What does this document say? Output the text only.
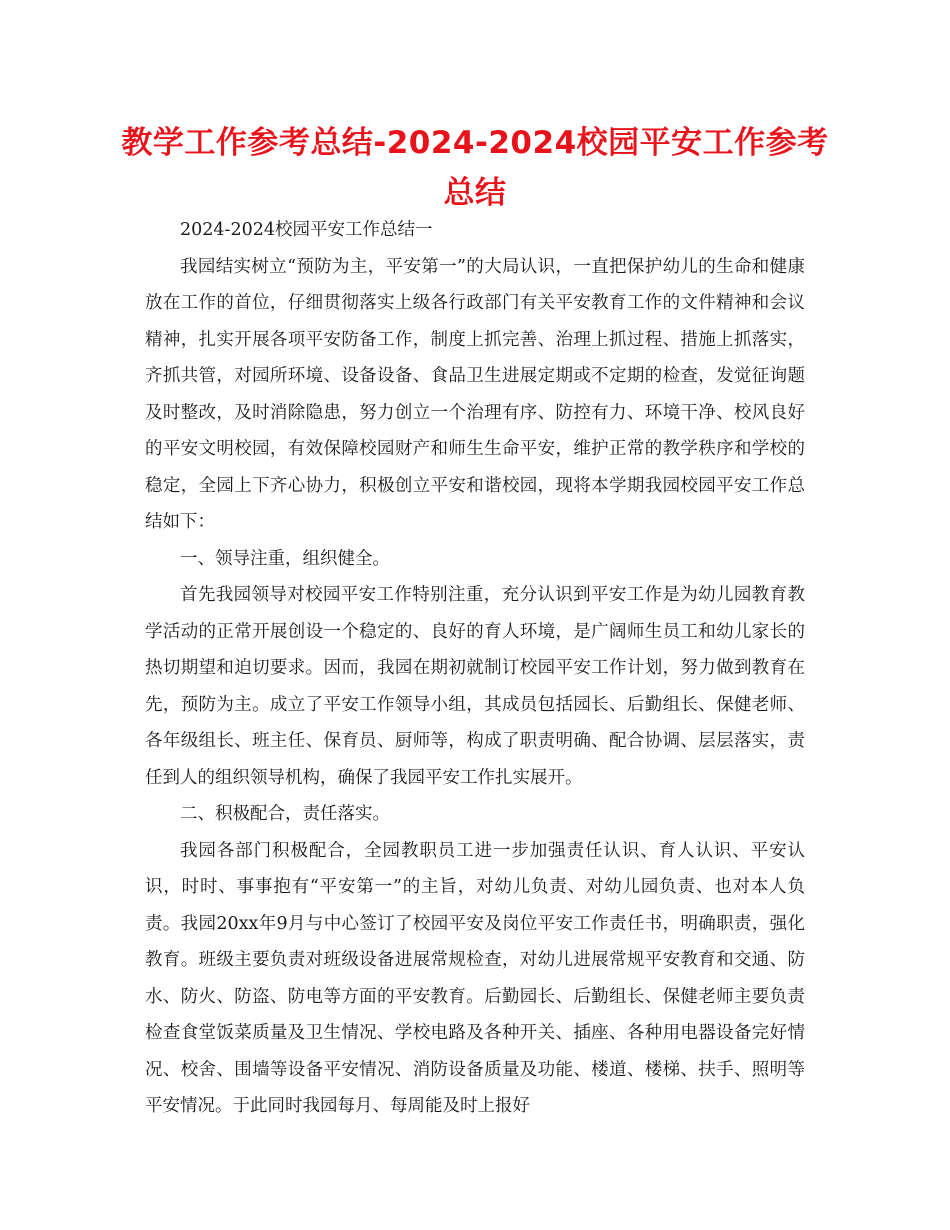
教学工作参考总结-2024-2024校园平安工作参考总结

2024-2024校园平安工作总结一

我园结实树立“预防为主，平安第一”的大局认识，一直把保护幼儿的生命和健康放在工作的首位，仔细贯彻落实上级各行政部门有关平安教育工作的文件精神和会议精神，扎实开展各项平安防备工作，制度上抓完善、治理上抓过程、措施上抓落实，齐抓共管，对园所环境、设备设备、食品卫生进展定期或不定期的检查，发觉征询题及时整改，及时消除隐患，努力创立一个治理有序、防控有力、环境干净、校风良好的平安文明校园，有效保障校园财产和师生生命平安，维护正常的教学秩序和学校的稳定，全园上下齐心协力，积极创立平安和谐校园，现将本学期我园校园平安工作总结如下：

一、领导注重，组织健全。

首先我园领导对校园平安工作特别注重，充分认识到平安工作是为幼儿园教育教学活动的正常开展创设一个稳定的、良好的育人环境，是广阔师生员工和幼儿家长的热切期望和迫切要求。因而，我园在期初就制订校园平安工作计划，努力做到教育在先，预防为主。成立了平安工作领导小组，其成员包括园长、后勤组长、保健老师、各年级组长、班主任、保育员、厨师等，构成了职责明确、配合协调、层层落实，责任到人的组织领导机构，确保了我园平安工作扎实展开。

二、积极配合，责任落实。

我园各部门积极配合，全园教职员工进一步加强责任认识、育人认识、平安认识，时时、事事抱有“平安第一”的主旨，对幼儿负责、对幼儿园负责、也对本人负责。我园20xx年9月与中心签订了校园平安及岗位平安工作责任书，明确职责，强化教育。班级主要负责对班级设备进展常规检查，对幼儿进展常规平安教育和交通、防水、防火、防盗、防电等方面的平安教育。后勤园长、后勤组长、保健老师主要负责检查食堂饭菜质量及卫生情况、学校电路及各种开关、插座、各种用电器设备完好情况、校舍、围墙等设备平安情况、消防设备质量及功能、楼道、楼梯、扶手、照明等平安情况。于此同时我园每月、每周能及时上报好
